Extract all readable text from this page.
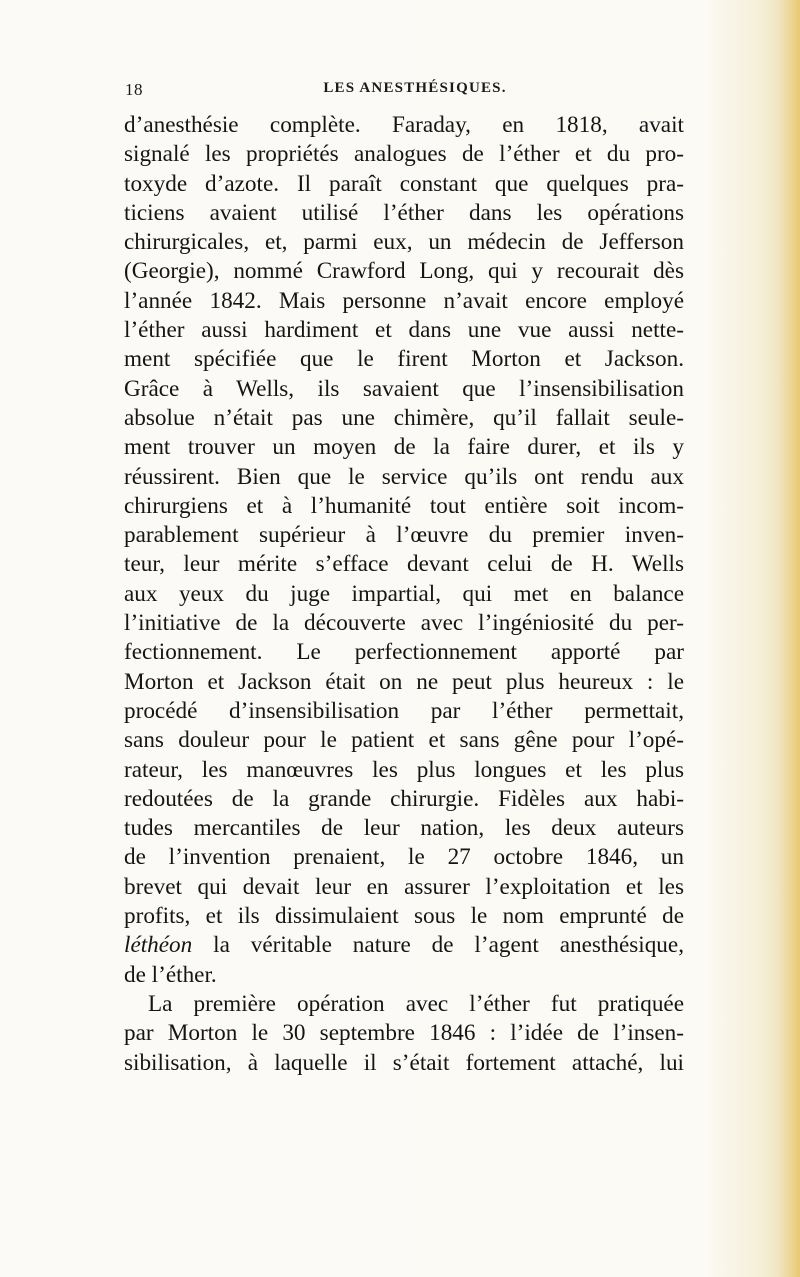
18	LES ANESTHÉSIQUES.
d’anesthésie complète. Faraday, en 1818, avait
signalé les propriétés analogues de l’éther et du pro-
toxyde d’azote. Il paraît constant que quelques pra-
ticiens avaient utilisé l’éther dans les opérations
chirurgicales, et, parmi eux, un médecin de Jefferson
(Georgie), nommé Crawford Long, qui y recourait dès
l’année 1842. Mais personne n’avait encore employé
l’éther aussi hardiment et dans une vue aussi nette-
ment spécifiée que le firent Morton et Jackson.
Grâce à Wells, ils savaient que l’insensibilisation
absolue n’était pas une chimère, qu’il fallait seule-
ment trouver un moyen de la faire durer, et ils y
réussirent. Bien que le service qu’ils ont rendu aux
chirurgiens et à l’humanité tout entière soit incom-
parablement supérieur à l’œuvre du premier inven-
teur, leur mérite s’efface devant celui de H. Wells
aux yeux du juge impartial, qui met en balance
l’initiative de la découverte avec l’ingéniosité du per-
fectionnement. Le perfectionnement apporté par
Morton et Jackson était on ne peut plus heureux : le
procédé d’insensibilisation par l’éther permettait,
sans douleur pour le patient et sans gêne pour l’opé-
rateur, les manœuvres les plus longues et les plus
redoutées de la grande chirurgie. Fidèles aux habi-
tudes mercantiles de leur nation, les deux auteurs
de l’invention prenaient, le 27 octobre 1846, un
brevet qui devait leur en assurer l’exploitation et les
profits, et ils dissimulaient sous le nom emprunté de
léthéon la véritable nature de l’agent anesthésique,
de l’éther.
La première opération avec l’éther fut pratiquée
par Morton le 30 septembre 1846 : l’idée de l’insen-
sibilisation, à laquelle il s’était fortement attaché, lui
